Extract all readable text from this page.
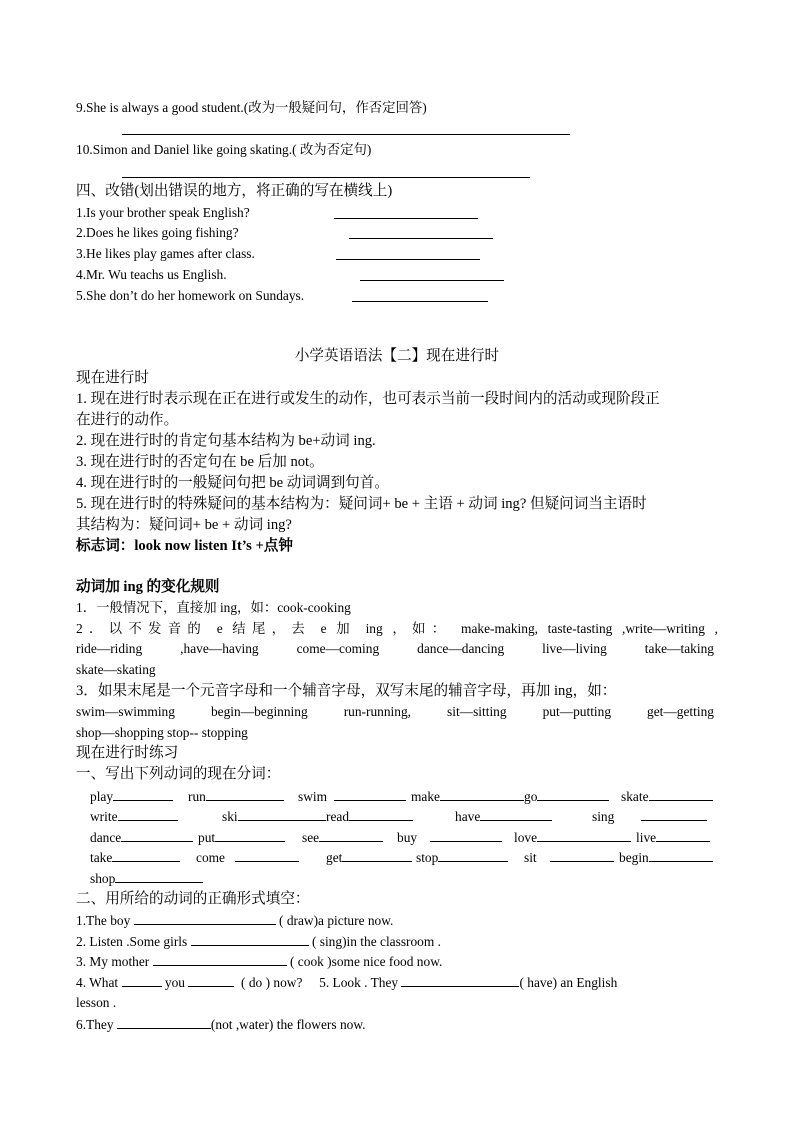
9.She is always a good student.(改为一般疑问句，作否定回答)
10.Simon and Daniel like going skating.( 改为否定句)
四、改错(划出错误的地方，将正确的写在横线上)
1.Is your brother speak English?
2.Does he likes going fishing?
3.He likes play games after class.
4.Mr. Wu teachs us English.
5.She don’t do her homework on Sundays.
小学英语语法【二】现在进行时
现在进行时
1. 现在进行时表示现在正在进行或发生的动作，也可表示当前一段时间内的活动或现阶段正
在进行的动作。
2. 现在进行时的肯定句基本结构为 be+动词 ing.
3. 现在进行时的否定句在 be 后加 not。
4. 现在进行时的一般疑问句把 be 动词调到句首。
5. 现在进行时的特殊疑问的基本结构为：疑问词+ be + 主语 + 动词 ing? 但疑问词当主语时
其结构为：疑问词+ be + 动词 ing?
标志词：look now listen It’s +点钟
动词加 ing 的变化规则
1．一般情况下，直接加 ing，如：cook-cooking
2．以不发音的 e 结尾，去 e 加 ing ，如： make-making, taste-tasting ,write—writing ,
ride—riding	,have—having	come—coming	dance—dancing	live—living	take—taking
skate—skating
3．如果末尾是一个元音字母和一个辅音字母，双写末尾的辅音字母，再加 ing，如：
swim—swimming	begin—beginning	run-running,	sit—sitting	put—putting	get—getting
shop—shopping stop-- stopping
现在进行时练习
一、写出下列动词的现在分词：
play	run	swim	make	go	skate
write	ski	read	have	sing
dance	put	see	buy	love	live
take	come	get	stop	sit	begin
shop
二、用所给的动词的正确形式填空：
1.The boy	( draw)a picture now.
2. Listen .Some girls	( sing)in the classroom .
3. My mother	( cook )some nice food now.
4. What	you	( do ) now? 5. Look . They	( have) an English
lesson .
6.They	(not ,water) the flowers now.
